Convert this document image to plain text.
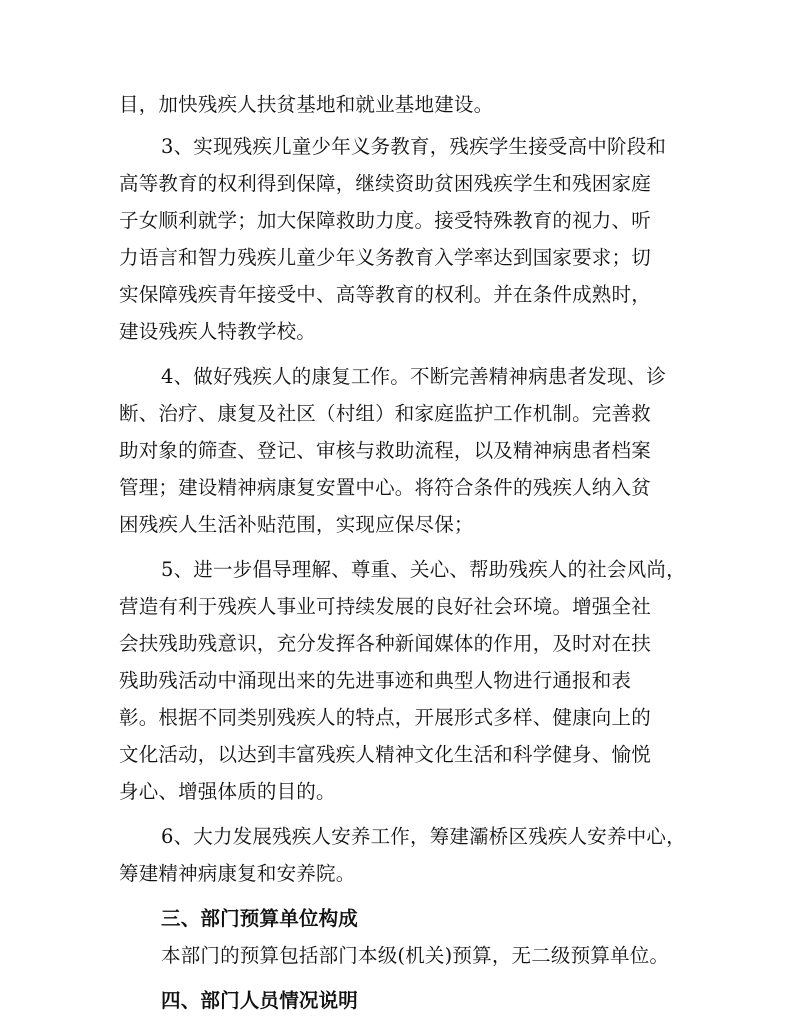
目，加快残疾人扶贫基地和就业基地建设。
3、实现残疾儿童少年义务教育，残疾学生接受高中阶段和
高等教育的权利得到保障，继续资助贫困残疾学生和残困家庭
子女顺利就学；加大保障救助力度。接受特殊教育的视力、听
力语言和智力残疾儿童少年义务教育入学率达到国家要求；切
实保障残疾青年接受中、高等教育的权利。并在条件成熟时，
建设残疾人特教学校。
4、做好残疾人的康复工作。不断完善精神病患者发现、诊
断、治疗、康复及社区（村组）和家庭监护工作机制。完善救
助对象的筛查、登记、审核与救助流程，以及精神病患者档案
管理；建设精神病康复安置中心。将符合条件的残疾人纳入贫
困残疾人生活补贴范围，实现应保尽保；
5、进一步倡导理解、尊重、关心、帮助残疾人的社会风尚，
营造有利于残疾人事业可持续发展的良好社会环境。增强全社
会扶残助残意识，充分发挥各种新闻媒体的作用，及时对在扶
残助残活动中涌现出来的先进事迹和典型人物进行通报和表
彰。根据不同类别残疾人的特点，开展形式多样、健康向上的
文化活动，以达到丰富残疾人精神文化生活和科学健身、愉悦
身心、增强体质的目的。
6、大力发展残疾人安养工作，筹建灞桥区残疾人安养中心，
筹建精神病康复和安养院。
三、部门预算单位构成
本部门的预算包括部门本级(机关)预算，无二级预算单位。
四、部门人员情况说明
